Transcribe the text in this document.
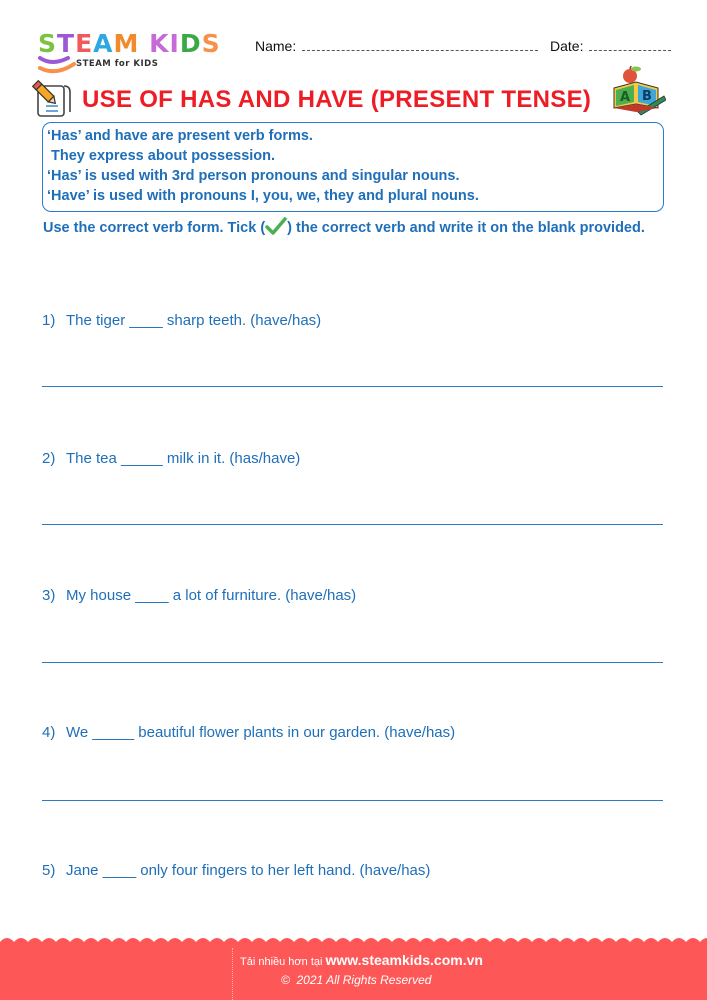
STEAM KIDS
STEAM for KIDS
Name:	Date:
USE OF HAS AND HAVE (PRESENT TENSE) A B
‘Has’ and have are present verb forms.
They express about possession.
‘Has’ is used with 3rd person pronouns and singular nouns.
‘Have’ is used with pronouns I, you, we, they and plural nouns.
Use the correct verb form. Tick ( ) the correct verb and write it on the blank provided.
1) The tiger ____ sharp teeth. (have/has)
2) The tea _____ milk in it. (has/have)
3) My house ____ a lot of furniture. (have/has)
4) We _____ beautiful flower plants in our garden. (have/has)
5) Jane ____ only four fingers to her left hand. (have/has)
Tải nhiều hơn tại www.steamkids.com.vn
©  2021 All Rights Reserved
